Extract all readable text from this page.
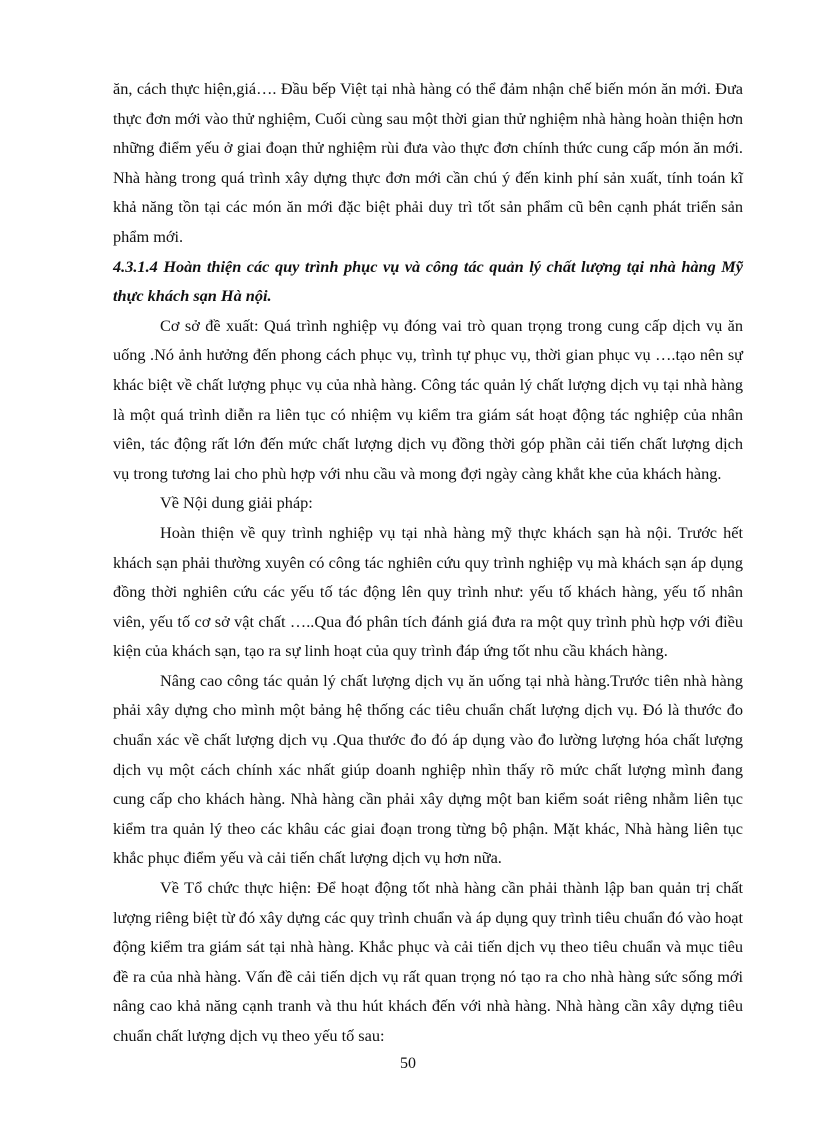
ăn, cách thực hiện,giá…. Đầu bếp Việt tại nhà hàng có thể đảm nhận chế biến món ăn mới. Đưa thực đơn mới vào thử nghiệm, Cuối cùng sau một thời gian thử nghiệm nhà hàng hoàn thiện hơn những điểm yếu ở giai đoạn thử nghiệm rùi đưa vào thực đơn chính thức cung cấp món ăn mới. Nhà hàng trong quá trình xây dựng thực đơn mới cần chú ý đến kinh phí sản xuất, tính toán kĩ khả năng tồn tại các món ăn mới đặc biệt phải duy trì tốt sản phẩm cũ bên cạnh phát triển sản phẩm mới.

4.3.1.4 Hoàn thiện các quy trình phục vụ và công tác quản lý chất lượng tại nhà hàng Mỹ thực khách sạn Hà nội.

Cơ sở đề xuất: Quá trình nghiệp vụ đóng vai trò quan trọng trong cung cấp dịch vụ ăn uống .Nó ảnh hưởng đến phong cách phục vụ, trình tự phục vụ, thời gian phục vụ ….tạo nên sự khác biệt về chất lượng phục vụ của nhà hàng. Công tác quản lý chất lượng dịch vụ tại nhà hàng là một quá trình diễn ra liên tục có nhiệm vụ kiểm tra giám sát hoạt động tác nghiệp của nhân viên, tác động rất lớn đến mức chất lượng dịch vụ đồng thời góp phần cải tiến chất lượng dịch vụ trong tương lai cho phù hợp với nhu cầu và mong đợi ngày càng khắt khe của khách hàng.

Về Nội dung giải pháp:

Hoàn thiện về quy trình nghiệp vụ tại nhà hàng mỹ thực khách sạn hà nội. Trước hết khách sạn phải thường xuyên có công tác nghiên cứu quy trình nghiệp vụ mà khách sạn áp dụng đồng thời nghiên cứu các yếu tố tác động lên quy trình như: yếu tố khách hàng, yếu tố nhân viên, yếu tố cơ sở vật chất …..Qua đó phân tích đánh giá đưa ra một quy trình phù hợp với điều kiện của khách sạn, tạo ra sự linh hoạt của quy trình đáp ứng tốt nhu cầu khách hàng.

Nâng cao công tác quản lý chất lượng dịch vụ ăn uống tại nhà hàng.Trước tiên nhà hàng phải xây dựng cho mình một bảng hệ thống các tiêu chuẩn chất lượng dịch vụ. Đó là thước đo chuẩn xác về chất lượng dịch vụ .Qua thước đo đó áp dụng vào đo lường lượng hóa chất lượng dịch vụ một cách chính xác nhất giúp doanh nghiệp nhìn thấy rõ mức chất lượng mình đang cung cấp cho khách hàng. Nhà hàng cần phải xây dựng một ban kiểm soát riêng nhằm liên tục kiểm tra quản lý theo các khâu các giai đoạn trong từng bộ phận. Mặt khác, Nhà hàng liên tục khắc phục điểm yếu và cải tiến chất lượng dịch vụ hơn nữa.

Về Tổ chức thực hiện: Để hoạt động tốt nhà hàng cần phải thành lập ban quản trị chất lượng riêng biệt từ đó xây dựng các quy trình chuẩn và áp dụng quy trình tiêu chuẩn đó vào hoạt động kiểm tra giám sát tại nhà hàng. Khắc phục và cải tiến dịch vụ theo tiêu chuẩn và mục tiêu đề ra của nhà hàng. Vấn đề cải tiến dịch vụ rất quan trọng nó tạo ra cho nhà hàng sức sống mới nâng cao khả năng cạnh tranh và thu hút khách đến với nhà hàng. Nhà hàng cần xây dựng tiêu chuẩn chất lượng dịch vụ theo yếu tố sau:

50
